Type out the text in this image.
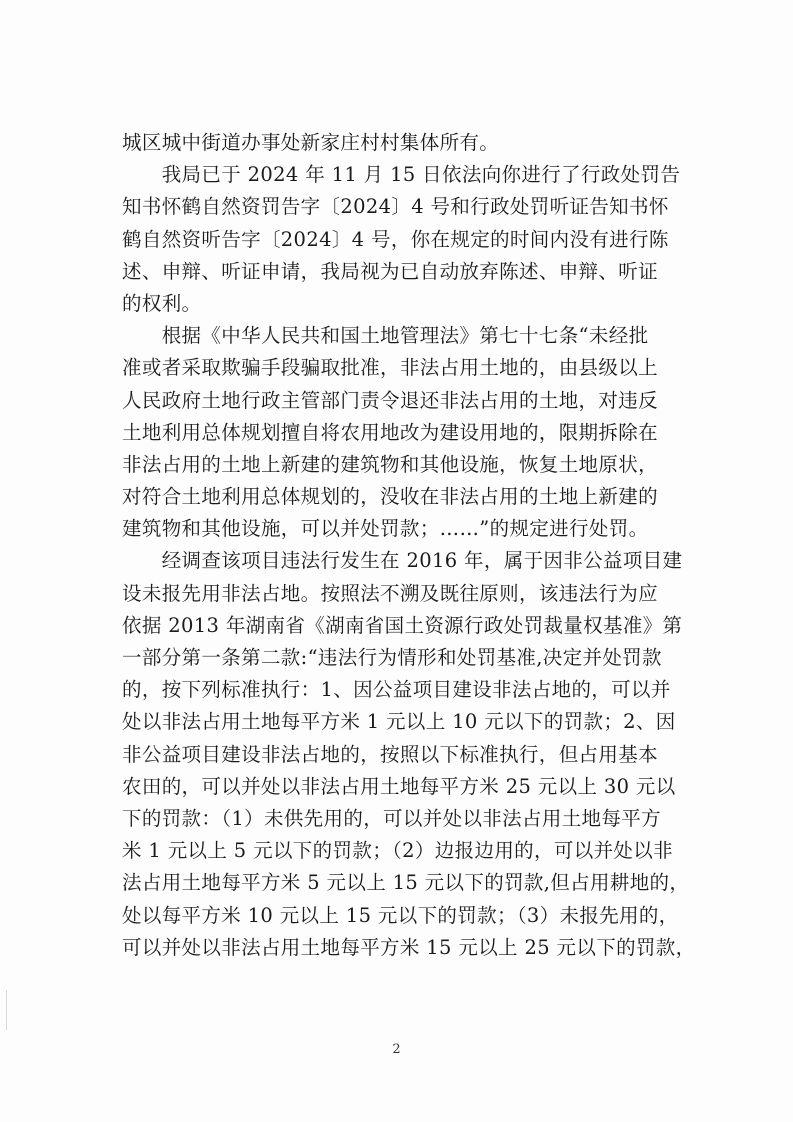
城区城中街道办事处新家庄村村集体所有。
　　我局已于 2024 年 11 月 15 日依法向你进行了行政处罚告
知书怀鹤自然资罚告字〔2024〕4 号和行政处罚听证告知书怀
鹤自然资听告字〔2024〕4 号，你在规定的时间内没有进行陈
述、申辩、听证申请，我局视为已自动放弃陈述、申辩、听证
的权利。
　　根据《中华人民共和国土地管理法》第七十七条“未经批
准或者采取欺骗手段骗取批准，非法占用土地的，由县级以上
人民政府土地行政主管部门责令退还非法占用的土地，对违反
土地利用总体规划擅自将农用地改为建设用地的，限期拆除在
非法占用的土地上新建的建筑物和其他设施，恢复土地原状，
对符合土地利用总体规划的，没收在非法占用的土地上新建的
建筑物和其他设施，可以并处罚款；……”的规定进行处罚。
　　经调查该项目违法行发生在 2016 年，属于因非公益项目建
设未报先用非法占地。按照法不溯及既往原则，该违法行为应
依据 2013 年湖南省《湖南省国土资源行政处罚裁量权基准》第
一部分第一条第二款:“违法行为情形和处罚基准,决定并处罚款
的，按下列标准执行：1、因公益项目建设非法占地的，可以并
处以非法占用土地每平方米 1 元以上 10 元以下的罚款；2、因
非公益项目建设非法占地的，按照以下标准执行，但占用基本
农田的，可以并处以非法占用土地每平方米 25 元以上 30 元以
下的罚款：（1）未供先用的，可以并处以非法占用土地每平方
米 1 元以上 5 元以下的罚款；（2）边报边用的，可以并处以非
法占用土地每平方米 5 元以上 15 元以下的罚款,但占用耕地的，
处以每平方米 10 元以上 15 元以下的罚款；（3）未报先用的，
可以并处以非法占用土地每平方米 15 元以上 25 元以下的罚款，
2
